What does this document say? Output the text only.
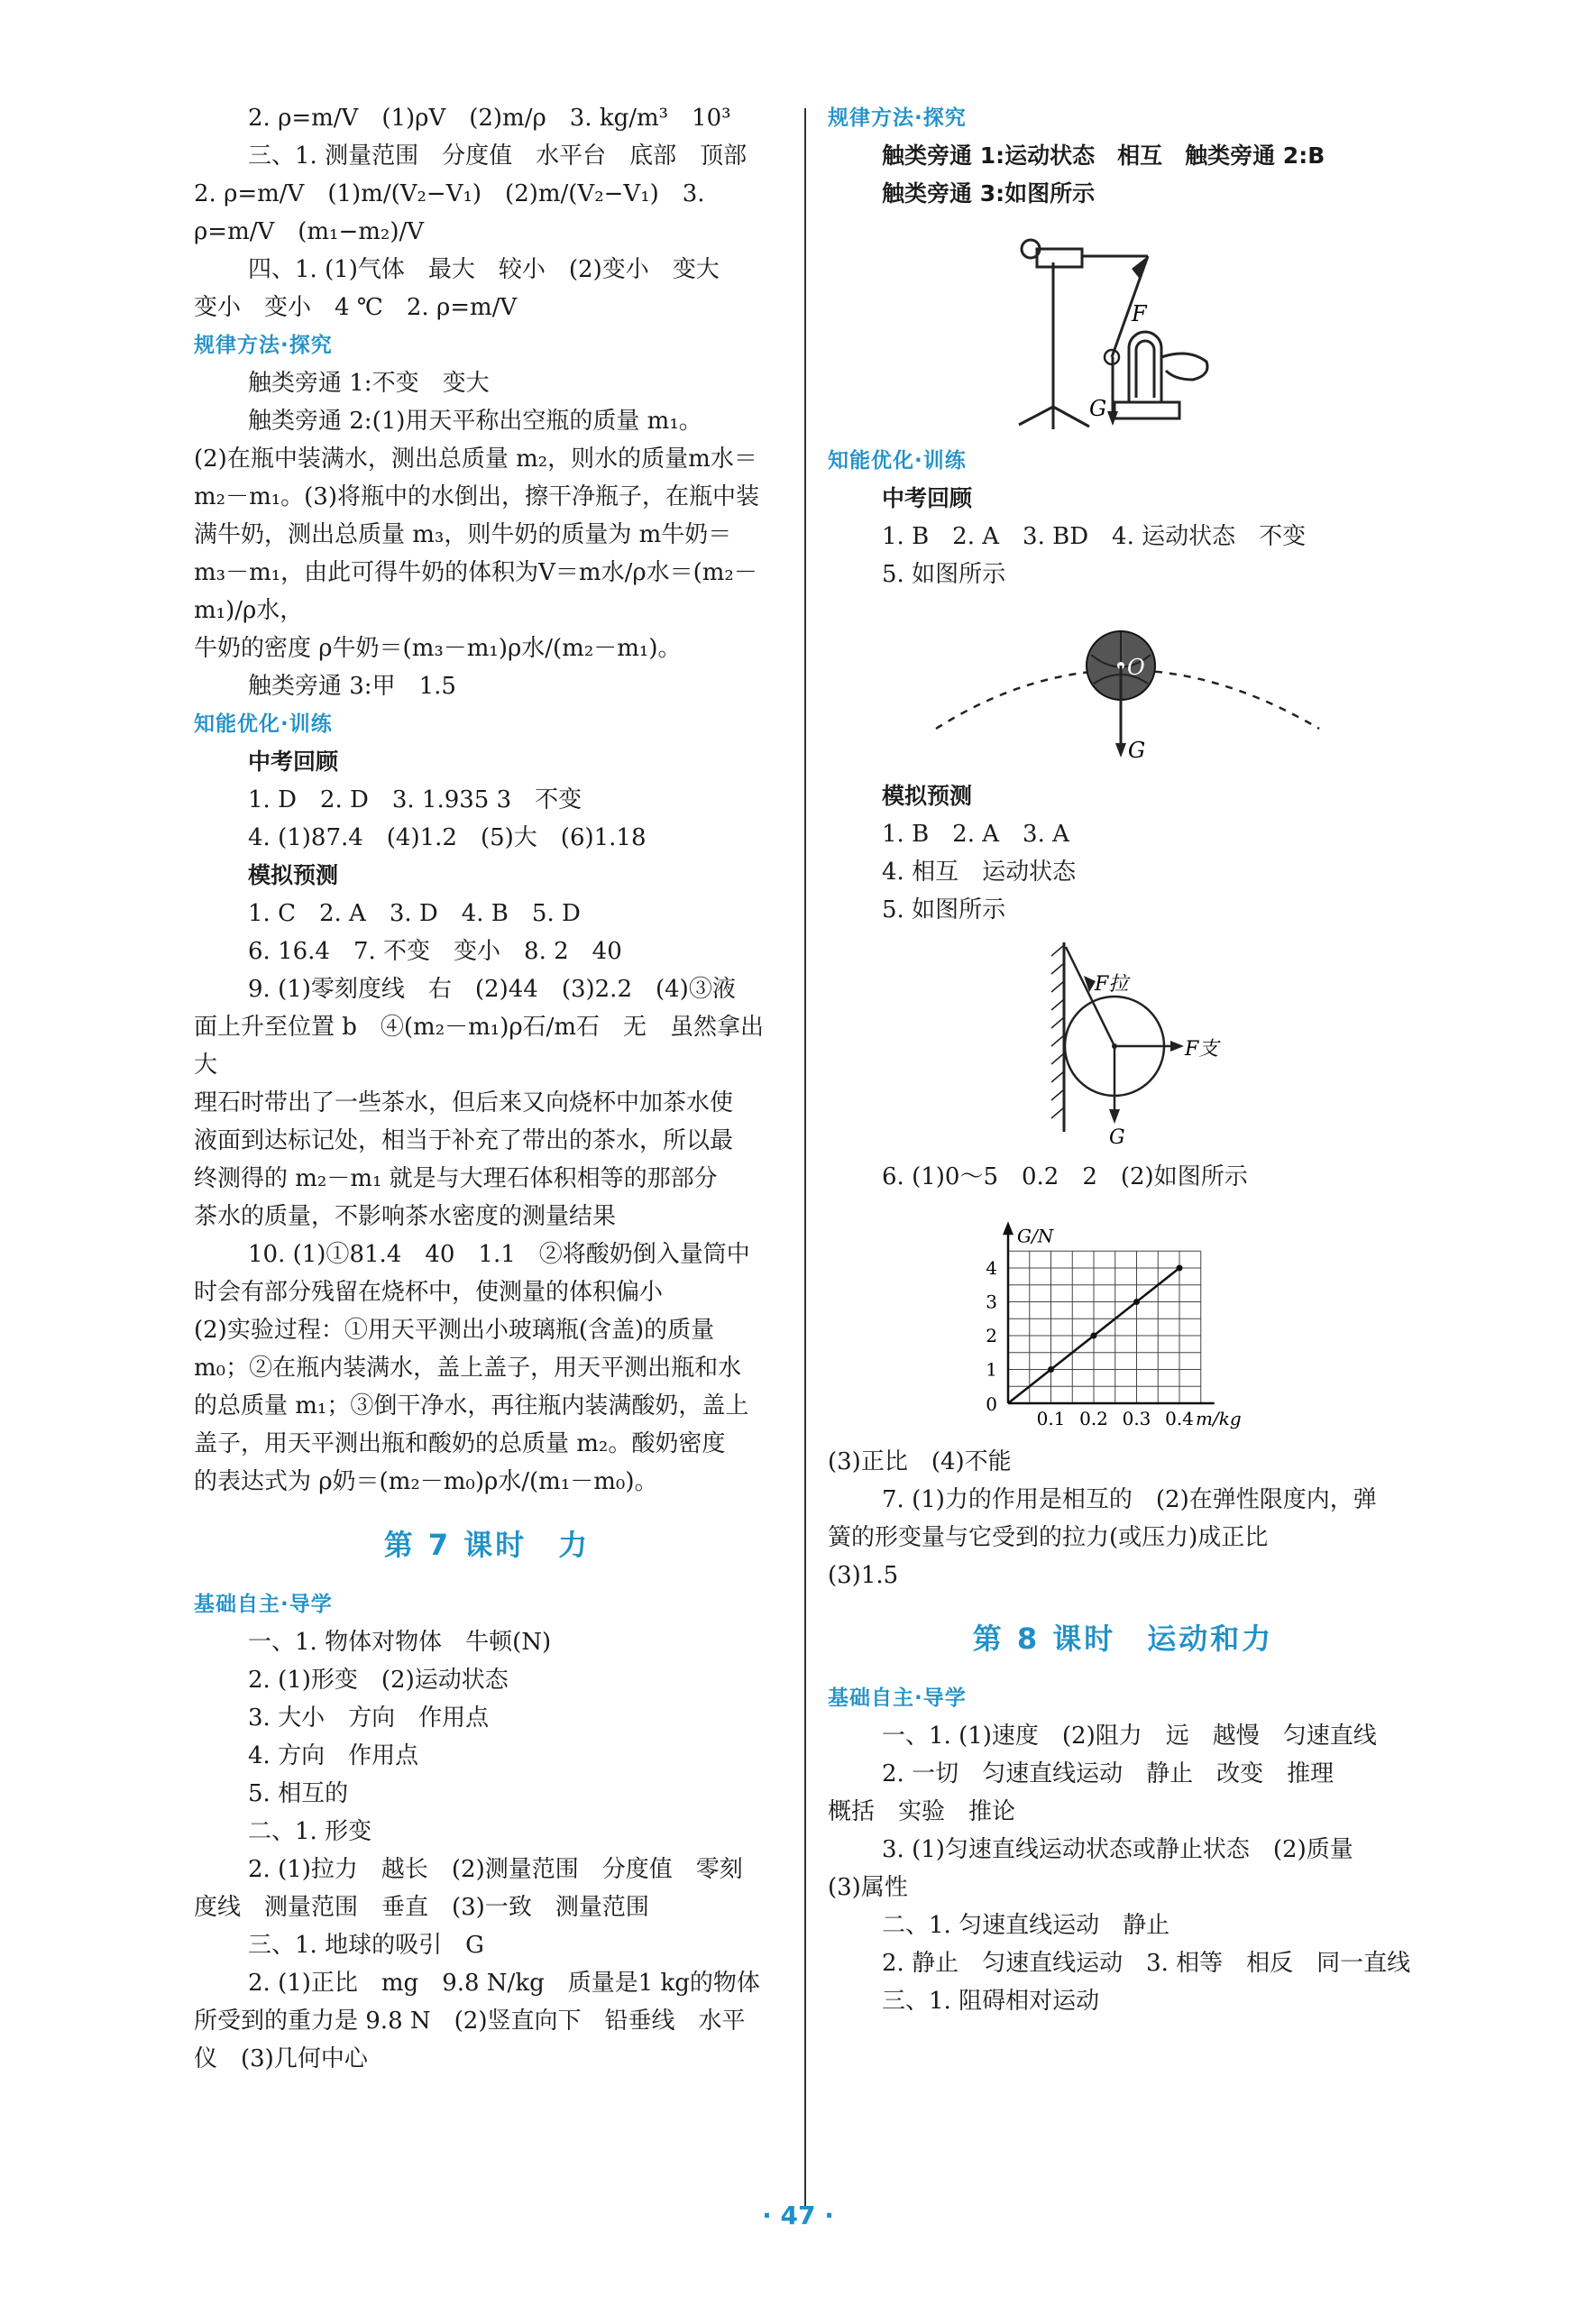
2. ρ=m/V　(1)ρV　(2)m/ρ　3. kg/m³　10³
三、1. 测量范围　分度值　水平台　底部　顶部
2. ρ=m/V　(1)m/(V₂−V₁)　(2)m/(V₂−V₁)　3. ρ=m/V　(m₁−m₂)/V
四、1. (1)气体　最大　较小　(2)变小　变大
变小　变小　4 ℃　2. ρ=m/V
规律方法·探究
触类旁通 1:不变　变大
触类旁通 2:(1)用天平称出空瓶的质量 m₁。
(2)在瓶中装满水，测出总质量 m₂，则水的质量m水＝
m₂－m₁。(3)将瓶中的水倒出，擦干净瓶子，在瓶中装
满牛奶，测出总质量 m₃，则牛奶的质量为 m牛奶＝
m₃－m₁，由此可得牛奶的体积为V＝m水/ρ水＝(m₂－m₁)/ρ水，
牛奶的密度 ρ牛奶＝(m₃－m₁)ρ水/(m₂－m₁)。
触类旁通 3:甲　1.5
知能优化·训练
中考回顾
1. D　2. D　3. 1.935 3　不变
4. (1)87.4　(4)1.2　(5)大　(6)1.18
模拟预测
1. C　2. A　3. D　4. B　5. D
6. 16.4　7. 不变　变小　8. 2　40
9. (1)零刻度线　右　(2)44　(3)2.2　(4)③液
面上升至位置 b　④(m₂－m₁)ρ石/m石　无　虽然拿出大
理石时带出了一些茶水，但后来又向烧杯中加茶水使
液面到达标记处，相当于补充了带出的茶水，所以最
终测得的 m₂－m₁ 就是与大理石体积相等的那部分
茶水的质量，不影响茶水密度的测量结果
10. (1)①81.4　40　1.1　②将酸奶倒入量筒中
时会有部分残留在烧杯中，使测量的体积偏小
(2)实验过程：①用天平测出小玻璃瓶(含盖)的质量
m₀；②在瓶内装满水，盖上盖子，用天平测出瓶和水
的总质量 m₁；③倒干净水，再往瓶内装满酸奶，盖上
盖子，用天平测出瓶和酸奶的总质量 m₂。酸奶密度
的表达式为 ρ奶＝(m₂－m₀)ρ水/(m₁－m₀)。
第 7 课时　力
基础自主·导学
一、1. 物体对物体　牛顿(N)
2. (1)形变　(2)运动状态
3. 大小　方向　作用点
4. 方向　作用点
5. 相互的
二、1. 形变
2. (1)拉力　越长　(2)测量范围　分度值　零刻
度线　测量范围　垂直　(3)一致　测量范围
三、1. 地球的吸引　G
2. (1)正比　mg　9.8 N/kg　质量是1 kg的物体
所受到的重力是 9.8 N　(2)竖直向下　铅垂线　水平
仪　(3)几何中心
规律方法·探究
触类旁通 1:运动状态　相互　触类旁通 2:B
触类旁通 3:如图所示
F
G
知能优化·训练
中考回顾
1. B　2. A　3. BD　4. 运动状态　不变
5. 如图所示
O
G
模拟预测
1. B　2. A　3. A
4. 相互　运动状态
5. 如图所示
F拉
F支
G
6. (1)0～5　0.2　2　(2)如图所示
0.1 0.2 0.3 0.4
1
2
3
4
0
m/kg
G/N
(3)正比　(4)不能
7. (1)力的作用是相互的　(2)在弹性限度内，弹
簧的形变量与它受到的拉力(或压力)成正比
(3)1.5
第 8 课时　运动和力
基础自主·导学
一、1. (1)速度　(2)阻力　远　越慢　匀速直线
2. 一切　匀速直线运动　静止　改变　推理
概括　实验　推论
3. (1)匀速直线运动状态或静止状态　(2)质量
(3)属性
二、1. 匀速直线运动　静止
2. 静止　匀速直线运动　3. 相等　相反　同一直线
三、1. 阻碍相对运动
· 47 ·
